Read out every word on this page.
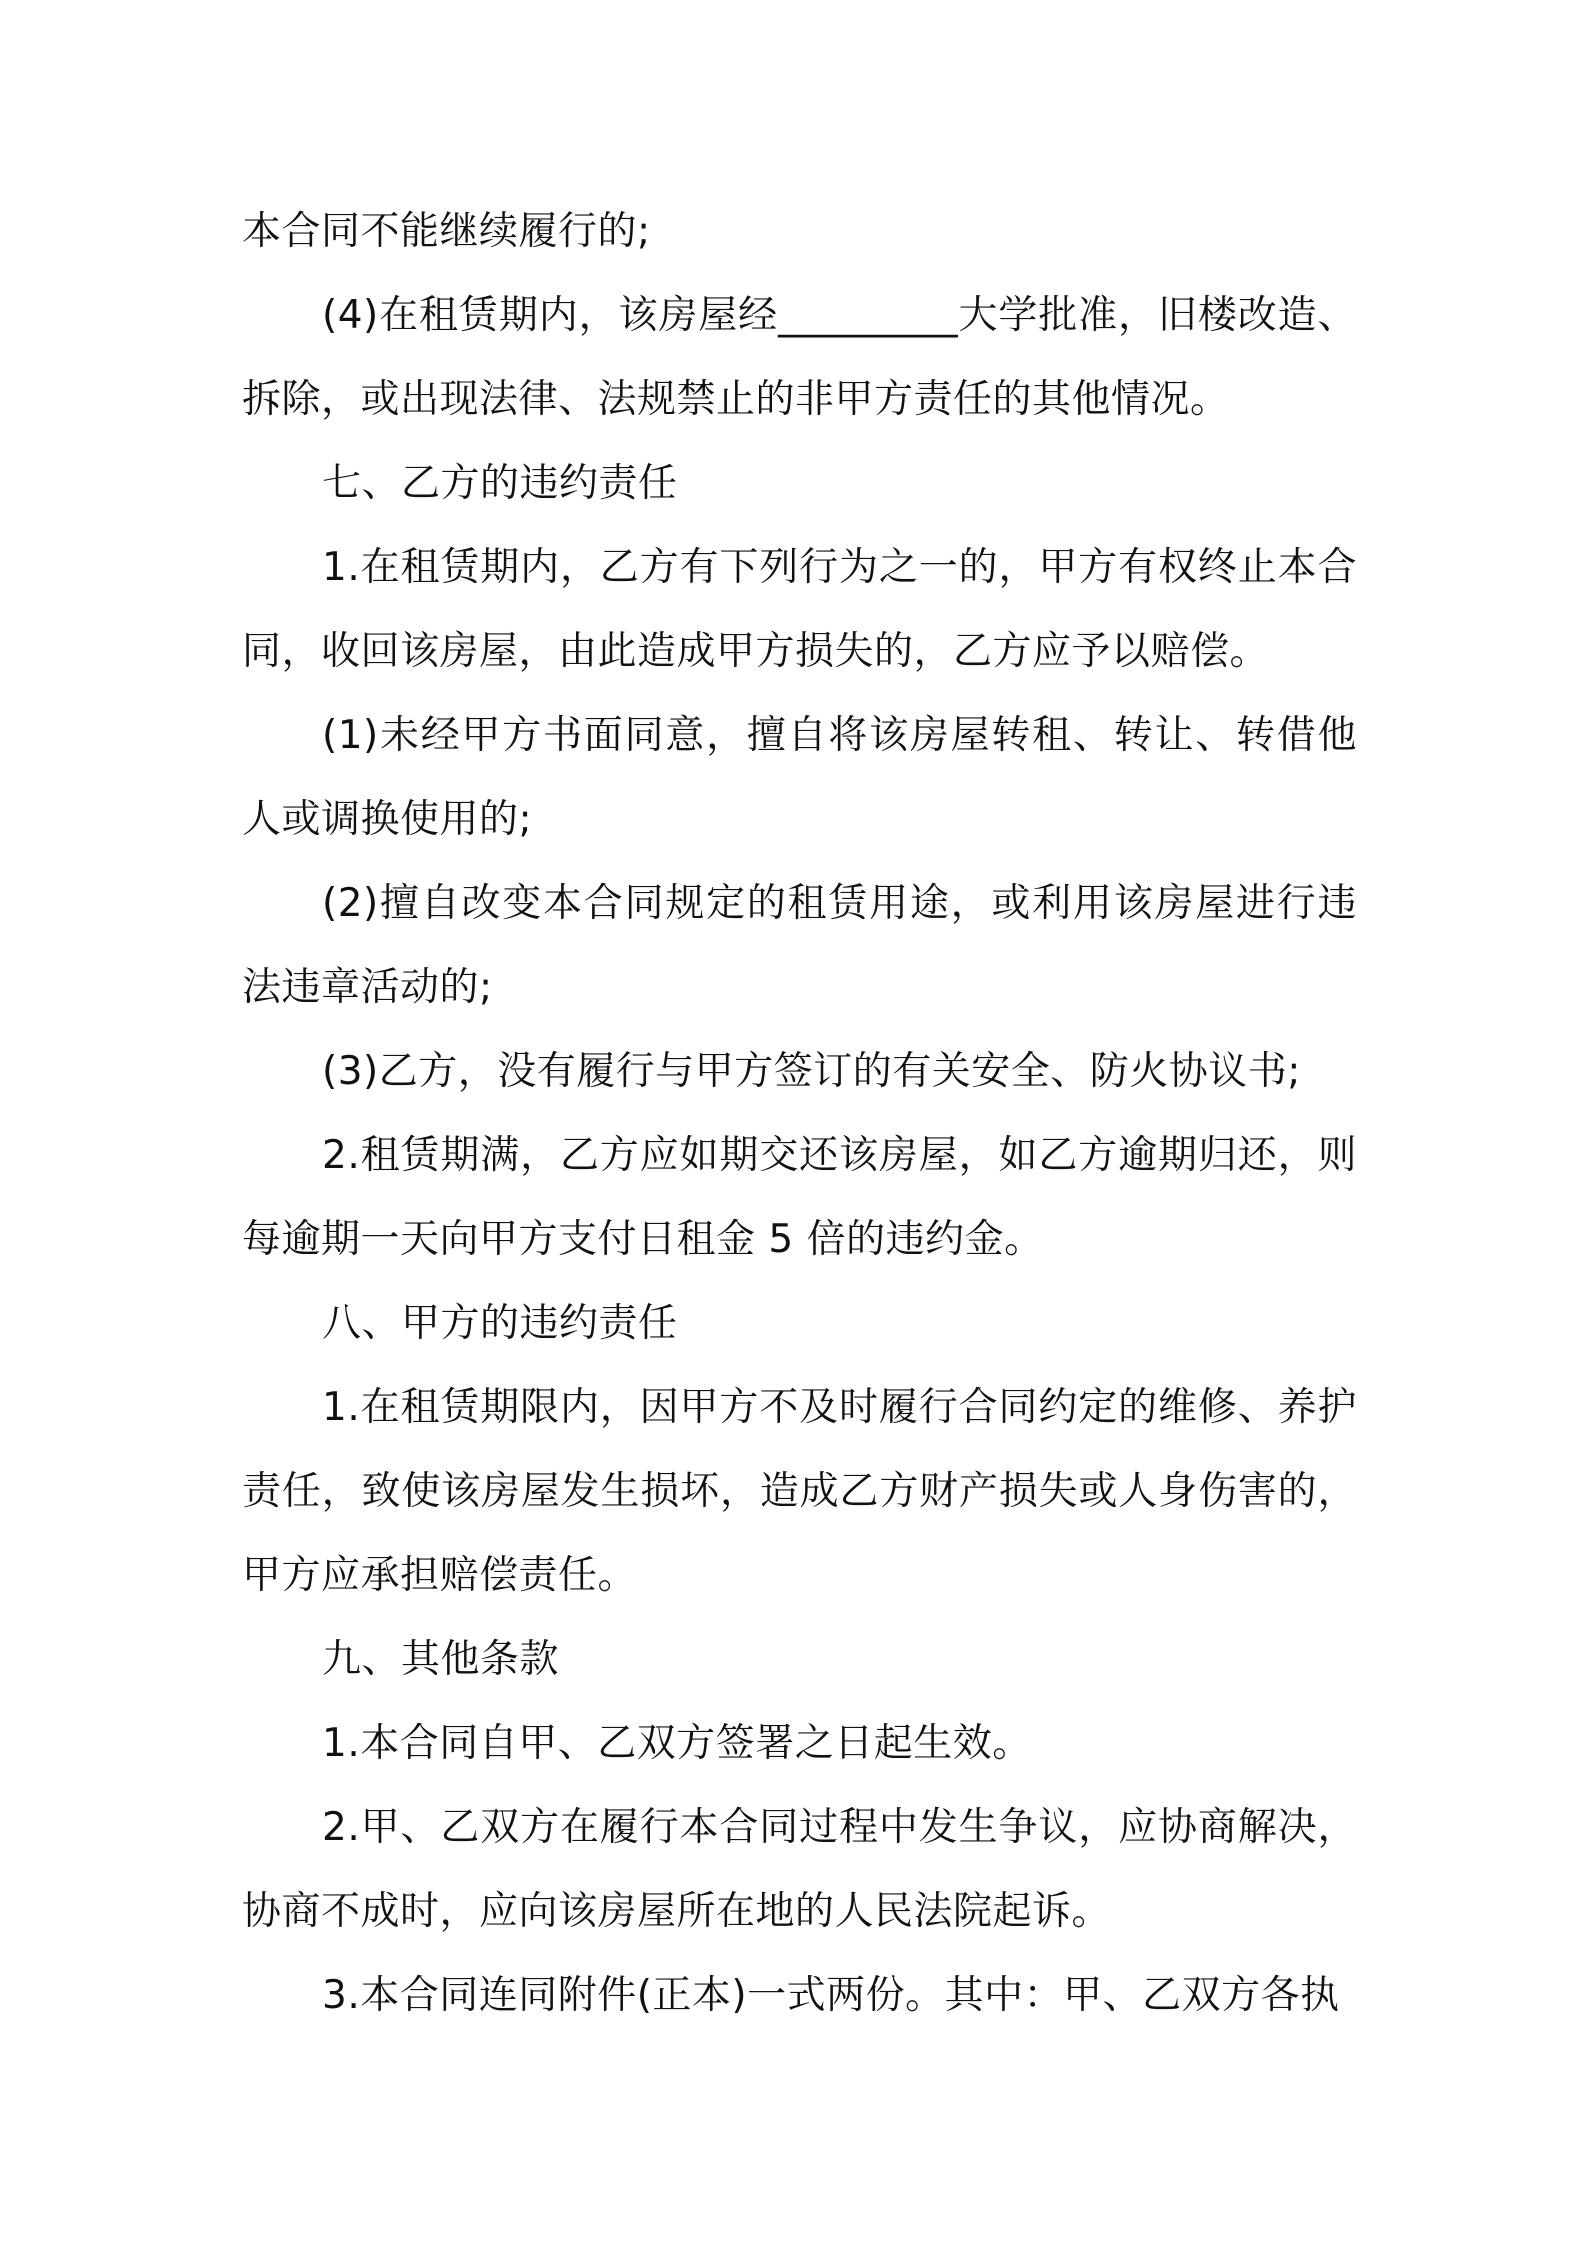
本合同不能继续履行的;

(4)在租赁期内，该房屋经_________大学批准，旧楼改造、拆除，或出现法律、法规禁止的非甲方责任的其他情况。

七、乙方的违约责任

1.在租赁期内，乙方有下列行为之一的，甲方有权终止本合同，收回该房屋，由此造成甲方损失的，乙方应予以赔偿。

(1)未经甲方书面同意，擅自将该房屋转租、转让、转借他人或调换使用的;

(2)擅自改变本合同规定的租赁用途，或利用该房屋进行违法违章活动的;

(3)乙方，没有履行与甲方签订的有关安全、防火协议书;

2.租赁期满，乙方应如期交还该房屋，如乙方逾期归还，则每逾期一天向甲方支付日租金 5 倍的违约金。

八、甲方的违约责任

1.在租赁期限内，因甲方不及时履行合同约定的维修、养护责任，致使该房屋发生损坏，造成乙方财产损失或人身伤害的，甲方应承担赔偿责任。

九、其他条款

1.本合同自甲、乙双方签署之日起生效。

2.甲、乙双方在履行本合同过程中发生争议，应协商解决，协商不成时，应向该房屋所在地的人民法院起诉。

3.本合同连同附件(正本)一式两份。其中：甲、乙双方各执
